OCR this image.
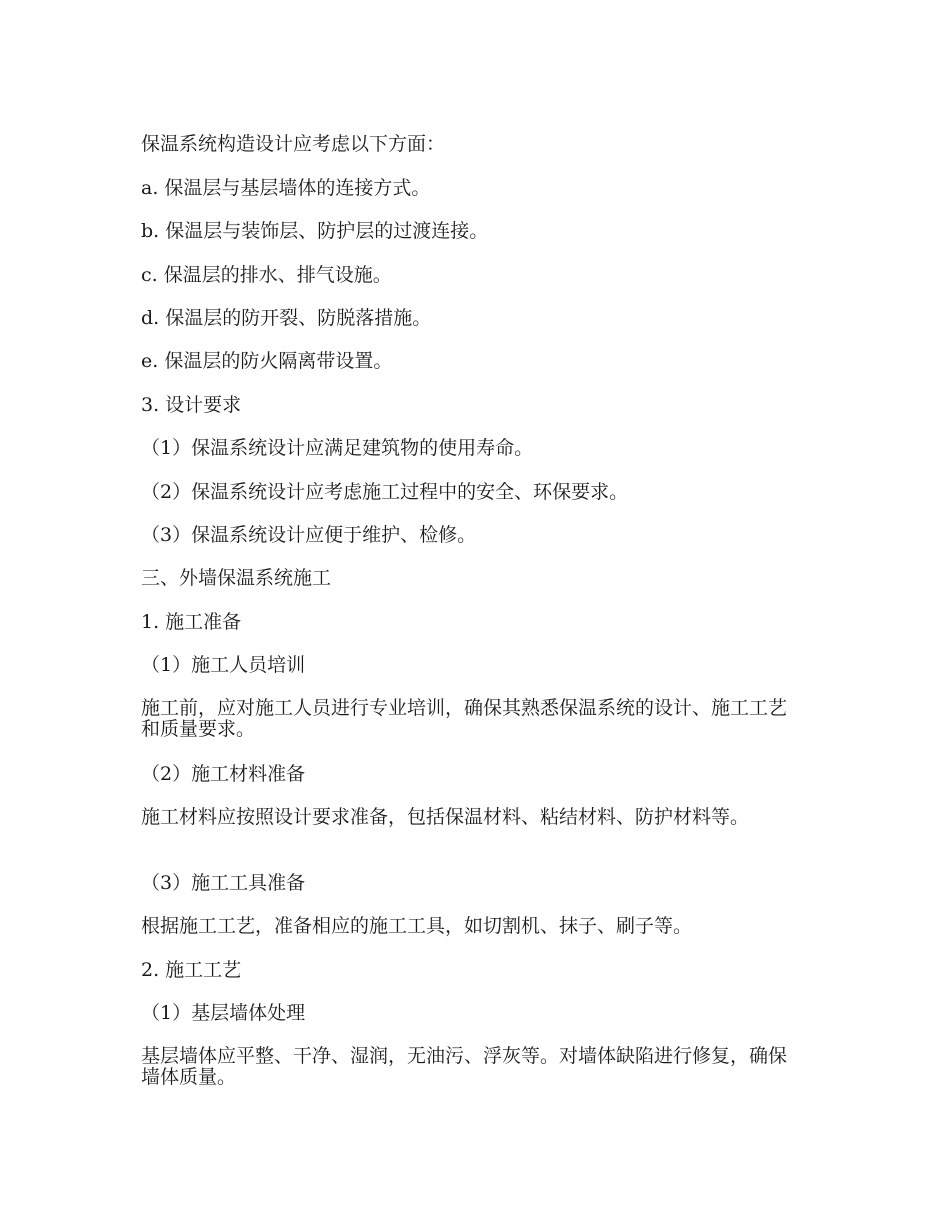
保温系统构造设计应考虑以下方面：
a. 保温层与基层墙体的连接方式。
b. 保温层与装饰层、防护层的过渡连接。
c. 保温层的排水、排气设施。
d. 保温层的防开裂、防脱落措施。
e. 保温层的防火隔离带设置。
3. 设计要求
（1）保温系统设计应满足建筑物的使用寿命。
（2）保温系统设计应考虑施工过程中的安全、环保要求。
（3）保温系统设计应便于维护、检修。
三、外墙保温系统施工
1. 施工准备
（1）施工人员培训
施工前，应对施工人员进行专业培训，确保其熟悉保温系统的设计、施工工艺和质量要求。
（2）施工材料准备
施工材料应按照设计要求准备，包括保温材料、粘结材料、防护材料等。
（3）施工工具准备
根据施工工艺，准备相应的施工工具，如切割机、抹子、刷子等。
2. 施工工艺
（1）基层墙体处理
基层墙体应平整、干净、湿润，无油污、浮灰等。对墙体缺陷进行修复，确保墙体质量。
